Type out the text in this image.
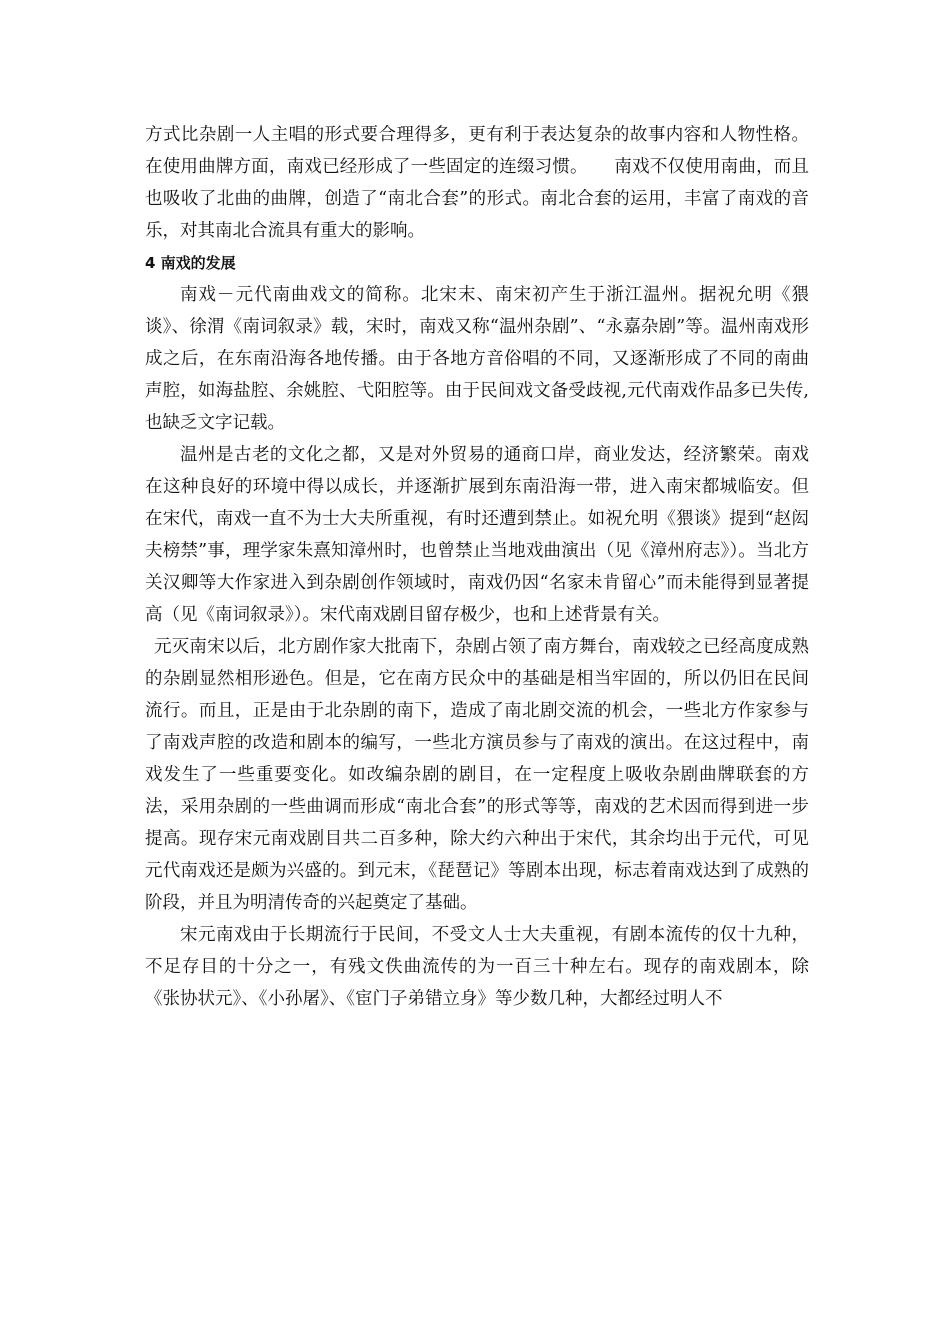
方式比杂剧一人主唱的形式要合理得多，更有利于表达复杂的故事内容和人物性格。在使用曲牌方面，南戏已经形成了一些固定的连缀习惯。　　南戏不仅使用南曲，而且也吸收了北曲的曲牌，创造了“南北合套”的形式。南北合套的运用，丰富了南戏的音乐，对其南北合流具有重大的影响。

4 南戏的发展

南戏－元代南曲戏文的简称。北宋末、南宋初产生于浙江温州。据祝允明《猥谈》、徐渭《南词叙录》载，宋时，南戏又称“温州杂剧”、“永嘉杂剧”等。温州南戏形成之后，在东南沿海各地传播。由于各地方音俗唱的不同，又逐渐形成了不同的南曲声腔，如海盐腔、余姚腔、弋阳腔等。由于民间戏文备受歧视,元代南戏作品多已失传,也缺乏文字记载。

温州是古老的文化之都，又是对外贸易的通商口岸，商业发达，经济繁荣。南戏在这种良好的环境中得以成长，并逐渐扩展到东南沿海一带，进入南宋都城临安。但在宋代，南戏一直不为士大夫所重视，有时还遭到禁止。如祝允明《猥谈》提到“赵闳夫榜禁”事，理学家朱熹知漳州时，也曾禁止当地戏曲演出（见《漳州府志》）。当北方关汉卿等大作家进入到杂剧创作领域时，南戏仍因“名家未肯留心”而未能得到显著提高（见《南词叙录》）。宋代南戏剧目留存极少，也和上述背景有关。

元灭南宋以后，北方剧作家大批南下，杂剧占领了南方舞台，南戏较之已经高度成熟的杂剧显然相形逊色。但是，它在南方民众中的基础是相当牢固的，所以仍旧在民间流行。而且，正是由于北杂剧的南下，造成了南北剧交流的机会，一些北方作家参与了南戏声腔的改造和剧本的编写，一些北方演员参与了南戏的演出。在这过程中，南戏发生了一些重要变化。如改编杂剧的剧目，在一定程度上吸收杂剧曲牌联套的方法，采用杂剧的一些曲调而形成“南北合套”的形式等等，南戏的艺术因而得到进一步提高。现存宋元南戏剧目共二百多种，除大约六种出于宋代，其余均出于元代，可见元代南戏还是颇为兴盛的。到元末，《琵琶记》等剧本出现，标志着南戏达到了成熟的阶段，并且为明清传奇的兴起奠定了基础。

宋元南戏由于长期流行于民间，不受文人士大夫重视，有剧本流传的仅十九种，不足存目的十分之一，有残文佚曲流传的为一百三十种左右。现存的南戏剧本，除《张协状元》、《小孙屠》、《宦门子弟错立身》等少数几种，大都经过明人不
